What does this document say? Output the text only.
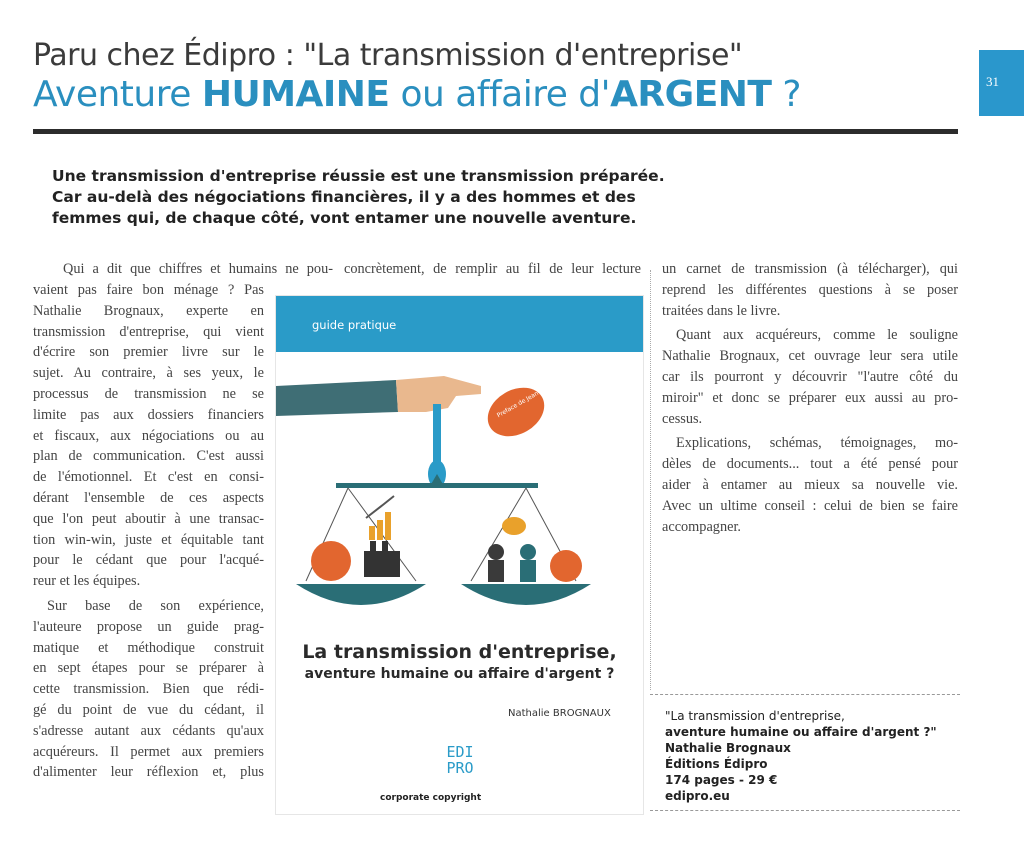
Paru chez Édipro : "La transmission d'entreprise"
Aventure HUMAINE ou affaire d'ARGENT ?	31
Une transmission d'entreprise réussie est une transmission préparée. Car au-delà des négociations financières, il y a des hommes et des femmes qui, de chaque côté, vont entamer une nouvelle aventure.
Qui a dit que chiffres et humains ne pou-
vaient pas faire bon ménage ? Pas
Nathalie Brognaux, experte en
transmission d'entreprise, qui vient
d'écrire son premier livre sur le
sujet. Au contraire, à ses yeux, le
processus de transmission ne se
limite pas aux dossiers financiers
et fiscaux, aux négociations ou au
plan de communication. C'est aussi
de l'émotionnel. Et c'est en consi-
dérant l'ensemble de ces aspects
que l'on peut aboutir à une transac-
tion win-win, juste et équitable tant
pour le cédant que pour l'acqué-
reur et les équipes.
Sur base de son expérience,
l'auteure propose un guide prag-
matique et méthodique construit
en sept étapes pour se préparer à
cette transmission. Bien que rédi-
gé du point de vue du cédant, il
s'adresse autant aux cédants qu'aux
acquéreurs. Il permet aux premiers
d'alimenter leur réflexion et, plus
concrètement, de remplir au fil de leur lecture un carnet de transmission (à télécharger), qui
reprend les différentes questions à se poser
traitées dans le livre.
Quant aux acquéreurs, comme le souligne
Nathalie Brognaux, cet ouvrage leur sera utile
car ils pourront y découvrir "l'autre côté du
miroir" et donc se préparer eux aussi au pro-
cessus.
Explications, schémas, témoignages, mo-
dèles de documents... tout a été pensé pour
aider à entamer au mieux sa nouvelle vie.
Avec un ultime conseil : celui de bien se faire
accompagner.
guide pratique
Preface de Jean-Jacques Duchesne
La transmission d'entreprise,
aventure humaine ou affaire d'argent ?
Nathalie BROGNAUX
EDI
PRO
corporate copyright
"La transmission d'entreprise,
aventure humaine ou affaire d'argent ?"
Nathalie Brognaux
Éditions Édipro
174 pages - 29 €
edipro.eu
